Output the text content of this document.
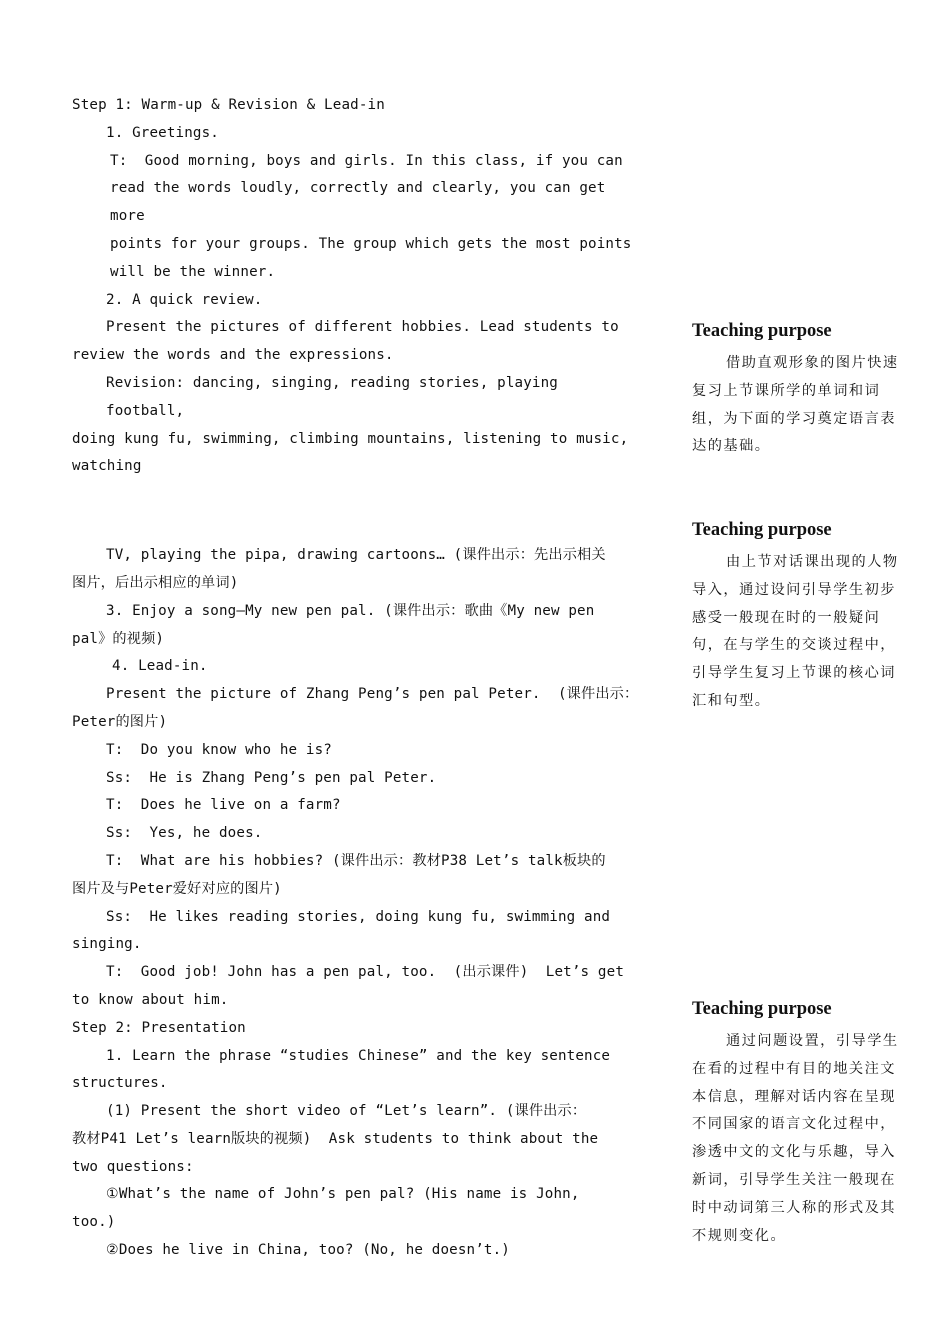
Step 1: Warm-up & Revision & Lead-in

1. Greetings.

T:  Good morning, boys and girls. In this class, if you can

read the words loudly, correctly and clearly, you can get more

points for your groups. The group which gets the most points

will be the winner.

2. A quick review.

Present the pictures of different hobbies. Lead students to

review the words and the expressions.

Revision: dancing, singing, reading stories, playing football,

doing kung fu, swimming, climbing mountains, listening to music,

watching

TV, playing the pipa, drawing cartoons… (课件出示：先出示相关

图片，后出示相应的单词)

3. Enjoy a song—My new pen pal. (课件出示：歌曲《My new pen

pal》的视频)

4. Lead-in.

Present the picture of Zhang Peng’s pen pal Peter.  (课件出示：

Peter的图片)

T:  Do you know who he is?

Ss:  He is Zhang Peng’s pen pal Peter.

T:  Does he live on a farm?

Ss:  Yes, he does.

T:  What are his hobbies? (课件出示：教材P38 Let’s talk板块的

图片及与Peter爱好对应的图片)

Ss:  He likes reading stories, doing kung fu, swimming and

singing.

T:  Good job! John has a pen pal, too.  (出示课件)  Let’s get

to know about him.

Step 2: Presentation

1. Learn the phrase “studies Chinese” and the key sentence

structures.

(1) Present the short video of “Let’s learn”. (课件出示：

教材P41 Let’s learn版块的视频)  Ask students to think about the

two questions:

①What’s the name of John’s pen pal? (His name is John,

too.)

②Does he live in China, too? (No, he doesn’t.)

Teaching purpose

借助直观形象的图片快速复习上节课所学的单词和词组，为下面的学习奠定语言表达的基础。

Teaching purpose

由上节对话课出现的人物导入，通过设问引导学生初步感受一般现在时的一般疑问句，在与学生的交谈过程中，引导学生复习上节课的核心词汇和句型。

Teaching purpose

通过问题设置，引导学生在看的过程中有目的地关注文本信息，理解对话内容在呈现不同国家的语言文化过程中，渗透中文的文化与乐趣，导入新词，引导学生关注一般现在时中动词第三人称的形式及其不规则变化。
